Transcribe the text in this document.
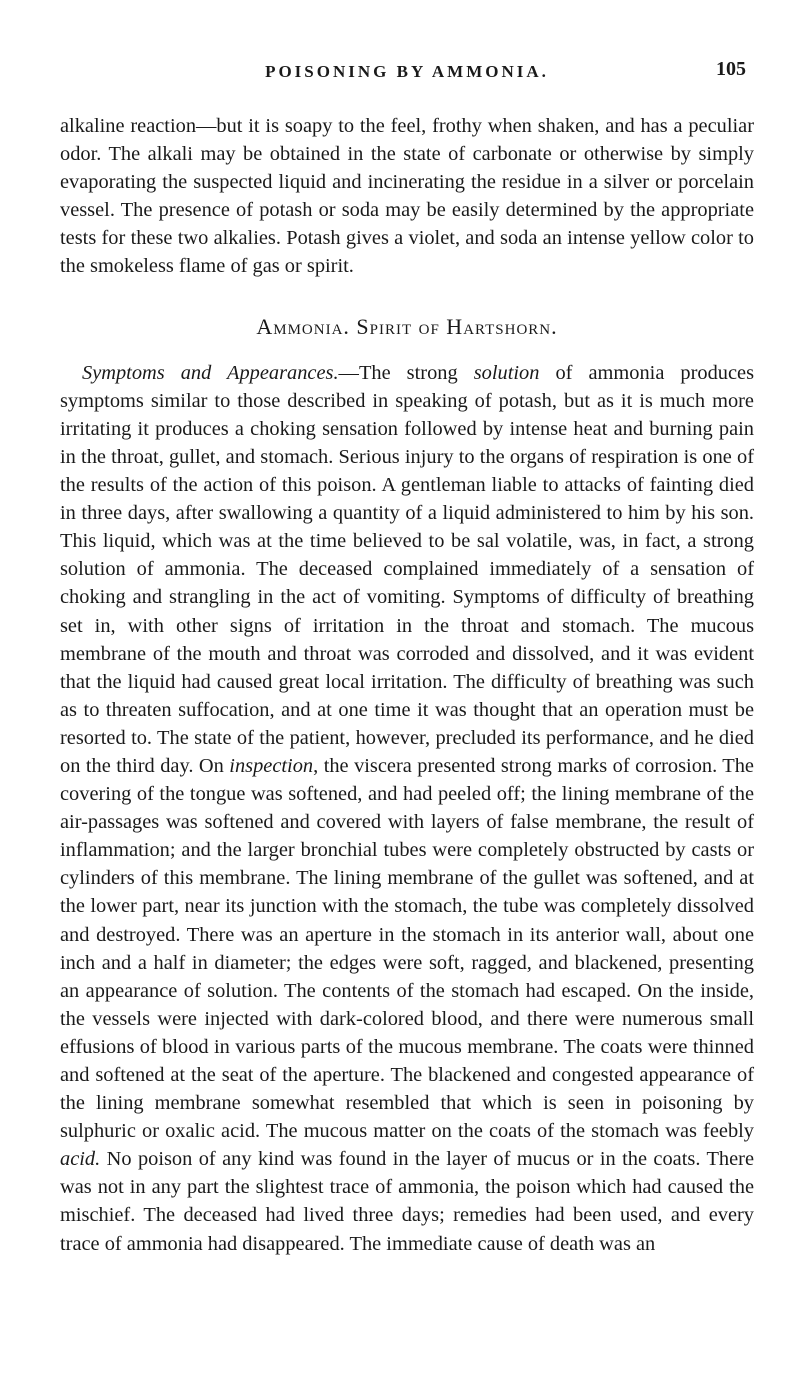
POISONING BY AMMONIA.	105

alkaline reaction—but it is soapy to the feel, frothy when shaken, and has a peculiar odor. The alkali may be obtained in the state of carbonate or otherwise by simply evaporating the suspected liquid and incinerating the residue in a silver or porcelain vessel. The presence of potash or soda may be easily determined by the appropriate tests for these two alkalies. Potash gives a violet, and soda an intense yellow color to the smokeless flame of gas or spirit.

Ammonia. Spirit of Hartshorn.

Symptoms and Appearances.—The strong solution of ammonia produces symptoms similar to those described in speaking of potash, but as it is much more irritating it produces a choking sensation followed by intense heat and burning pain in the throat, gullet, and stomach. Serious injury to the organs of respiration is one of the results of the action of this poison. A gentleman liable to attacks of fainting died in three days, after swallowing a quantity of a liquid administered to him by his son. This liquid, which was at the time believed to be sal volatile, was, in fact, a strong solution of ammonia. The deceased complained immediately of a sensation of choking and strangling in the act of vomiting. Symptoms of difficulty of breathing set in, with other signs of irritation in the throat and stomach. The mucous membrane of the mouth and throat was corroded and dissolved, and it was evident that the liquid had caused great local irritation. The difficulty of breathing was such as to threaten suffocation, and at one time it was thought that an operation must be resorted to. The state of the patient, however, precluded its performance, and he died on the third day. On inspection, the viscera presented strong marks of corrosion. The covering of the tongue was softened, and had peeled off; the lining membrane of the air-passages was softened and covered with layers of false membrane, the result of inflammation; and the larger bronchial tubes were completely obstructed by casts or cylinders of this membrane. The lining membrane of the gullet was softened, and at the lower part, near its junction with the stomach, the tube was completely dissolved and destroyed. There was an aperture in the stomach in its anterior wall, about one inch and a half in diameter; the edges were soft, ragged, and blackened, presenting an appearance of solution. The contents of the stomach had escaped. On the inside, the vessels were injected with dark-colored blood, and there were numerous small effusions of blood in various parts of the mucous membrane. The coats were thinned and softened at the seat of the aperture. The blackened and congested appearance of the lining membrane somewhat resembled that which is seen in poisoning by sulphuric or oxalic acid. The mucous matter on the coats of the stomach was feebly acid. No poison of any kind was found in the layer of mucus or in the coats. There was not in any part the slightest trace of ammonia, the poison which had caused the mischief. The deceased had lived three days; remedies had been used, and every trace of ammonia had disappeared. The immediate cause of death was an
